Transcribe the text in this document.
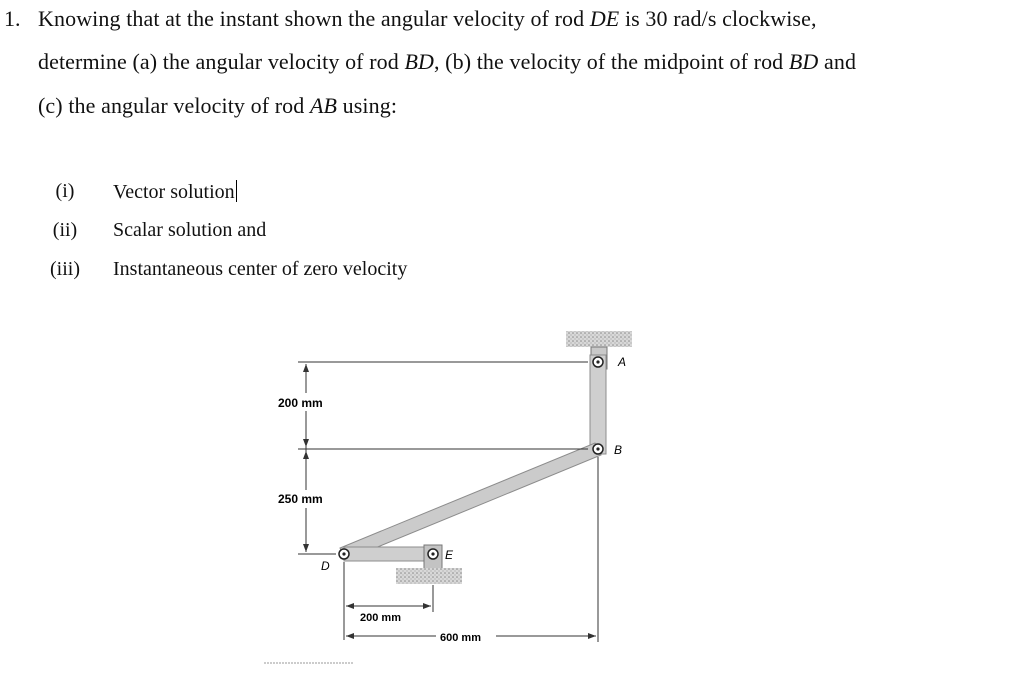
1. Knowing that at the instant shown the angular velocity of rod DE is 30 rad/s clockwise,
determine (a) the angular velocity of rod BD, (b) the velocity of the midpoint of rod BD and
(c) the angular velocity of rod AB using:
(i)	Vector solution
(ii)	Scalar solution and
(iii)	Instantaneous center of zero velocity
A
B
D
E
200 mm
250 mm
200 mm
600 mm
